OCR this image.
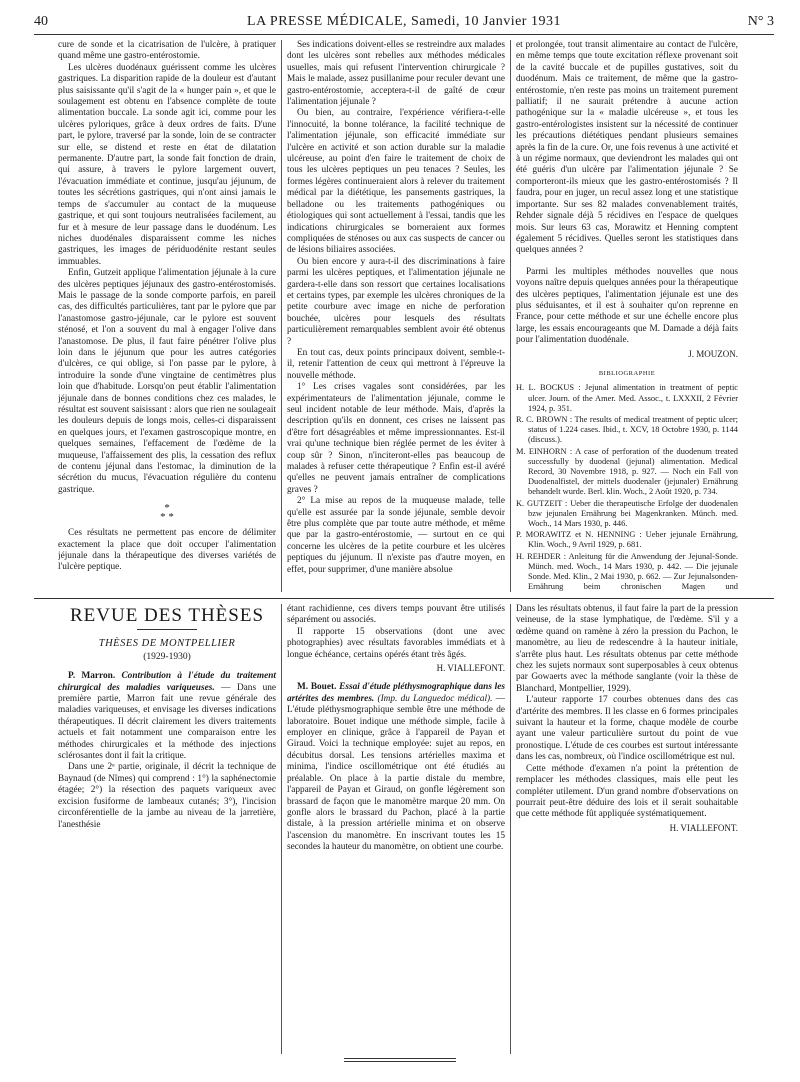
40	LA PRESSE MÉDICALE, Samedi, 10 Janvier 1931	N° 3

cure de sonde et la cicatrisation de l'ulcère, à pratiquer quand même une gastro-entérostomie.

Les ulcères duodénaux guérissent comme les ulcères gastriques. La disparition rapide de la douleur est d'autant plus saisissante qu'il s'agit de la « hunger pain », et que le soulagement est obtenu en l'absence complète de toute alimentation buccale. La sonde agit ici, comme pour les ulcères pyloriques, grâce à deux ordres de faits. D'une part, le pylore, traversé par la sonde, loin de se contracter sur elle, se distend et reste en état de dilatation permanente. D'autre part, la sonde fait fonction de drain, qui assure, à travers le pylore largement ouvert, l'évacuation immédiate et continue, jusqu'au jéjunum, de toutes les sécrétions gastriques, qui n'ont ainsi jamais le temps de s'accumuler au contact de la muqueuse gastrique, et qui sont toujours neutralisées facilement, au fur et à mesure de leur passage dans le duodénum. Les niches duodénales disparaissent comme les niches gastriques, les images de périduodénite restant seules immuables.

Enfin, Gutzeit applique l'alimentation jéjunale à la cure des ulcères peptiques jéjunaux des gastro-entérostomisés. Mais le passage de la sonde comporte parfois, en pareil cas, des difficultés particulières, tant par le pylore que par l'anastomose gastro-jéjunale, car le pylore est souvent sténosé, et l'on a souvent du mal à engager l'olive dans l'anastomose. De plus, il faut faire pénétrer l'olive plus loin dans le jéjunum que pour les autres catégories d'ulcères, ce qui oblige, si l'on passe par le pylore, à introduire la sonde d'une vingtaine de centimètres plus loin que d'habitude. Lorsqu'on peut établir l'alimentation jéjunale dans de bonnes conditions chez ces malades, le résultat est souvent saisissant : alors que rien ne soulageait les douleurs depuis de longs mois, celles-ci disparaissent en quelques jours, et l'examen gastroscopique montre, en quelques semaines, l'effacement de l'œdème de la muqueuse, l'affaissement des plis, la cessation des reflux de contenu jéjunal dans l'estomac, la diminution de la sécrétion du mucus, l'évacuation régulière du contenu gastrique.

*
* *

Ces résultats ne permettent pas encore de délimiter exactement la place que doit occuper l'alimentation jéjunale dans la thérapeutique des diverses variétés de l'ulcère peptique.

Ses indications doivent-elles se restreindre aux malades dont les ulcères sont rebelles aux méthodes médicales usuelles, mais qui refusent l'intervention chirurgicale ? Mais le malade, assez pusillanime pour reculer devant une gastro-entérostomie, acceptera-t-il de gaîté de cœur l'alimentation jéjunale ?

Ou bien, au contraire, l'expérience vérifiera-t-elle l'innocuité, la bonne tolérance, la facilité technique de l'alimentation jéjunale, son efficacité immédiate sur l'ulcère en activité et son action durable sur la maladie ulcéreuse, au point d'en faire le traitement de choix de tous les ulcères peptiques un peu tenaces ? Seules, les formes légères continueraient alors à relever du traitement médical par la diététique, les pansements gastriques, la belladone ou les traitements pathogéniques ou étiologiques qui sont actuellement à l'essai, tandis que les indications chirurgicales se borneraient aux formes compliquées de sténoses ou aux cas suspects de cancer ou de lésions biliaires associées.

Ou bien encore y aura-t-il des discriminations à faire parmi les ulcères peptiques, et l'alimentation jéjunale ne gardera-t-elle dans son ressort que certaines localisations et certains types, par exemple les ulcères chroniques de la petite courbure avec image en niche de perforation bouchée, ulcères pour lesquels des résultats particulièrement remarquables semblent avoir été obtenus ?

En tout cas, deux points principaux doivent, semble-t-il, retenir l'attention de ceux qui mettront à l'épreuve la nouvelle méthode.

1° Les crises vagales sont considérées, par les expérimentateurs de l'alimentation jéjunale, comme le seul incident notable de leur méthode. Mais, d'après la description qu'ils en donnent, ces crises ne laissent pas d'être fort désagréables et même impressionnantes. Est-il vrai qu'une technique bien réglée permet de les éviter à coup sûr ? Sinon, n'inciteront-elles pas beaucoup de malades à refuser cette thérapeutique ? Enfin est-il avéré qu'elles ne peuvent jamais entraîner de complications graves ?

2° La mise au repos de la muqueuse malade, telle qu'elle est assurée par la sonde jéjunale, semble devoir être plus complète que par toute autre méthode, et même que par la gastro-entérostomie, — surtout en ce qui concerne les ulcères de la petite courbure et les ulcères peptiques du jéjunum. Il n'existe pas d'autre moyen, en effet, pour supprimer, d'une manière absolue

et prolongée, tout transit alimentaire au contact de l'ulcère, en même temps que toute excitation réflexe provenant soit de la cavité buccale et de pupilles gustatives, soit du duodénum. Mais ce traitement, de même que la gastro-entérostomie, n'en reste pas moins un traitement purement palliatif; il ne saurait prétendre à aucune action pathogénique sur la « maladie ulcéreuse », et tous les gastro-entérologistes insistent sur la nécessité de continuer les précautions diététiques pendant plusieurs semaines après la fin de la cure. Or, une fois revenus à une activité et à un régime normaux, que deviendront les malades qui ont été guéris d'un ulcère par l'alimentation jéjunale ? Se comporteront-ils mieux que les gastro-entérostomisés ? Il faudra, pour en juger, un recul assez long et une statistique importante. Sur ses 82 malades convenablement traités, Rehder signale déjà 5 récidives en l'espace de quelques mois. Sur leurs 63 cas, Morawitz et Henning comptent également 5 récidives. Quelles seront les statistiques dans quelques années ?

Parmi les multiples méthodes nouvelles que nous voyons naître depuis quelques années pour la thérapeutique des ulcères peptiques, l'alimentation jéjunale est une des plus séduisantes, et il est à souhaiter qu'on reprenne en France, pour cette méthode et sur une échelle encore plus large, les essais encourageants que M. Damade a déjà faits pour l'alimentation duodénale.

J. MOUZON.
BIBLIOGRAPHIE
H. L. BOCKUS : Jejunal alimentation in treatment of peptic ulcer. Journ. of the Amer. Med. Assoc., t. LXXXII, 2 Février 1924, p. 351.
R. C. BROWN : The results of medical treatment of peptic ulcer; status of 1.224 cases. Ibid., t. XCV, 18 Octobre 1930, p. 1144 (discuss.).
M. EINHORN : A case of perforation of the duodenum treated successfully by duodenal (jejunal) alimentation. Medical Record, 30 Novembre 1918, p. 927. — Noch ein Fall von Duodenalfistel, der mittels duodenaler (jejunaler) Ernährung behandelt wurde. Berl. klin. Woch., 2 Août 1920, p. 734.
K. GUTZEIT : Ueber die therapeutische Erfolge der duodenalen bzw jejunalen Ernährung bei Magenkranken. Münch. med. Woch., 14 Mars 1930, p. 446.
P. MORAWITZ et N. HENNING : Ueber jejunale Ernährung, Klin. Woch., 9 Avril 1929, p. 681.
H. REHDER : Anleitung für die Anwendung der Jejunal-Sonde. Münch. med. Woch., 14 Mars 1930, p. 442. — Die jejunale Sonde. Med. Klin., 2 Mai 1930, p. 662. — Zur Jejunalsonden-Ernährung beim chronischen Magen und
REVUE DES THÈSES
THÈSES DE MONTPELLIER
(1929-1930)

P. Marron. Contribution à l'étude du traitement chirurgical des maladies variqueuses. — Dans une première partie, Marron fait une revue générale des maladies variqueuses, et envisage les diverses indications thérapeutiques. Il décrit clairement les divers traitements actuels et fait notamment une comparaison entre les méthodes chirurgicales et la méthode des injections sclérosantes dont il fait la critique.

Dans une 2ᵉ partie, originale, il décrit la technique de Baynaud (de Nîmes) qui comprend : 1°) la saphénectomie étagée; 2°) la résection des paquets variqueux avec excision fusiforme de lambeaux cutanés; 3°), l'incision circonférentielle de la jambe au niveau de la jarretière, l'anesthésie

étant rachidienne, ces divers temps pouvant être utilisés séparément ou associés.

Il rapporte 15 observations (dont une avec photographies) avec résultats favorables immédiats et à longue échéance, certains opérés étant très âgés.

H. VIALLEFONT.

M. Bouet. Essai d'étude pléthysmographique dans les artérites des membres. (Imp. du Languedoc médical). — L'étude pléthysmographique semble être une méthode de laboratoire. Bouet indique une méthode simple, facile à employer en clinique, grâce à l'appareil de Payan et Giraud. Voici la technique employée: sujet au repos, en décubitus dorsal. Les tensions artérielles maxima et minima, l'indice oscillométrique ont été étudiés au préalable. On place à la partie distale du membre, l'appareil de Payan et Giraud, on gonfle légèrement son brassard de façon que le manomètre marque 20 mm. On gonfle alors le brassard du Pachon, placé à la partie distale, à la pression artérielle minima et on observe l'ascension du manomètre. En inscrivant toutes les 15 secondes la hauteur du manomètre, on obtient une courbe.

Dans les résultats obtenus, il faut faire la part de la pression veineuse, de la stase lymphatique, de l'œdème. S'il y a œdème quand on ramène à zéro la pression du Pachon, le manomètre, au lieu de redescendre à la hauteur initiale, s'arrête plus haut. Les résultats obtenus par cette méthode chez les sujets normaux sont superposables à ceux obtenus par Gowaerts avec la méthode sanglante (voir la thèse de Blanchard, Montpellier, 1929).

L'auteur rapporte 17 courbes obtenues dans des cas d'artérite des membres. Il les classe en 6 formes principales suivant la hauteur et la forme, chaque modèle de courbe ayant une valeur particulière surtout du point de vue pronostique. L'étude de ces courbes est surtout intéressante dans les cas, nombreux, où l'indice oscillométrique est nul.

Cette méthode d'examen n'a point la prétention de remplacer les méthodes classiques, mais elle peut les compléter utilement. D'un grand nombre d'observations on pourrait peut-être déduire des lois et il serait souhaitable que cette méthode fût appliquée systématiquement.

H. VIALLEFONT.
